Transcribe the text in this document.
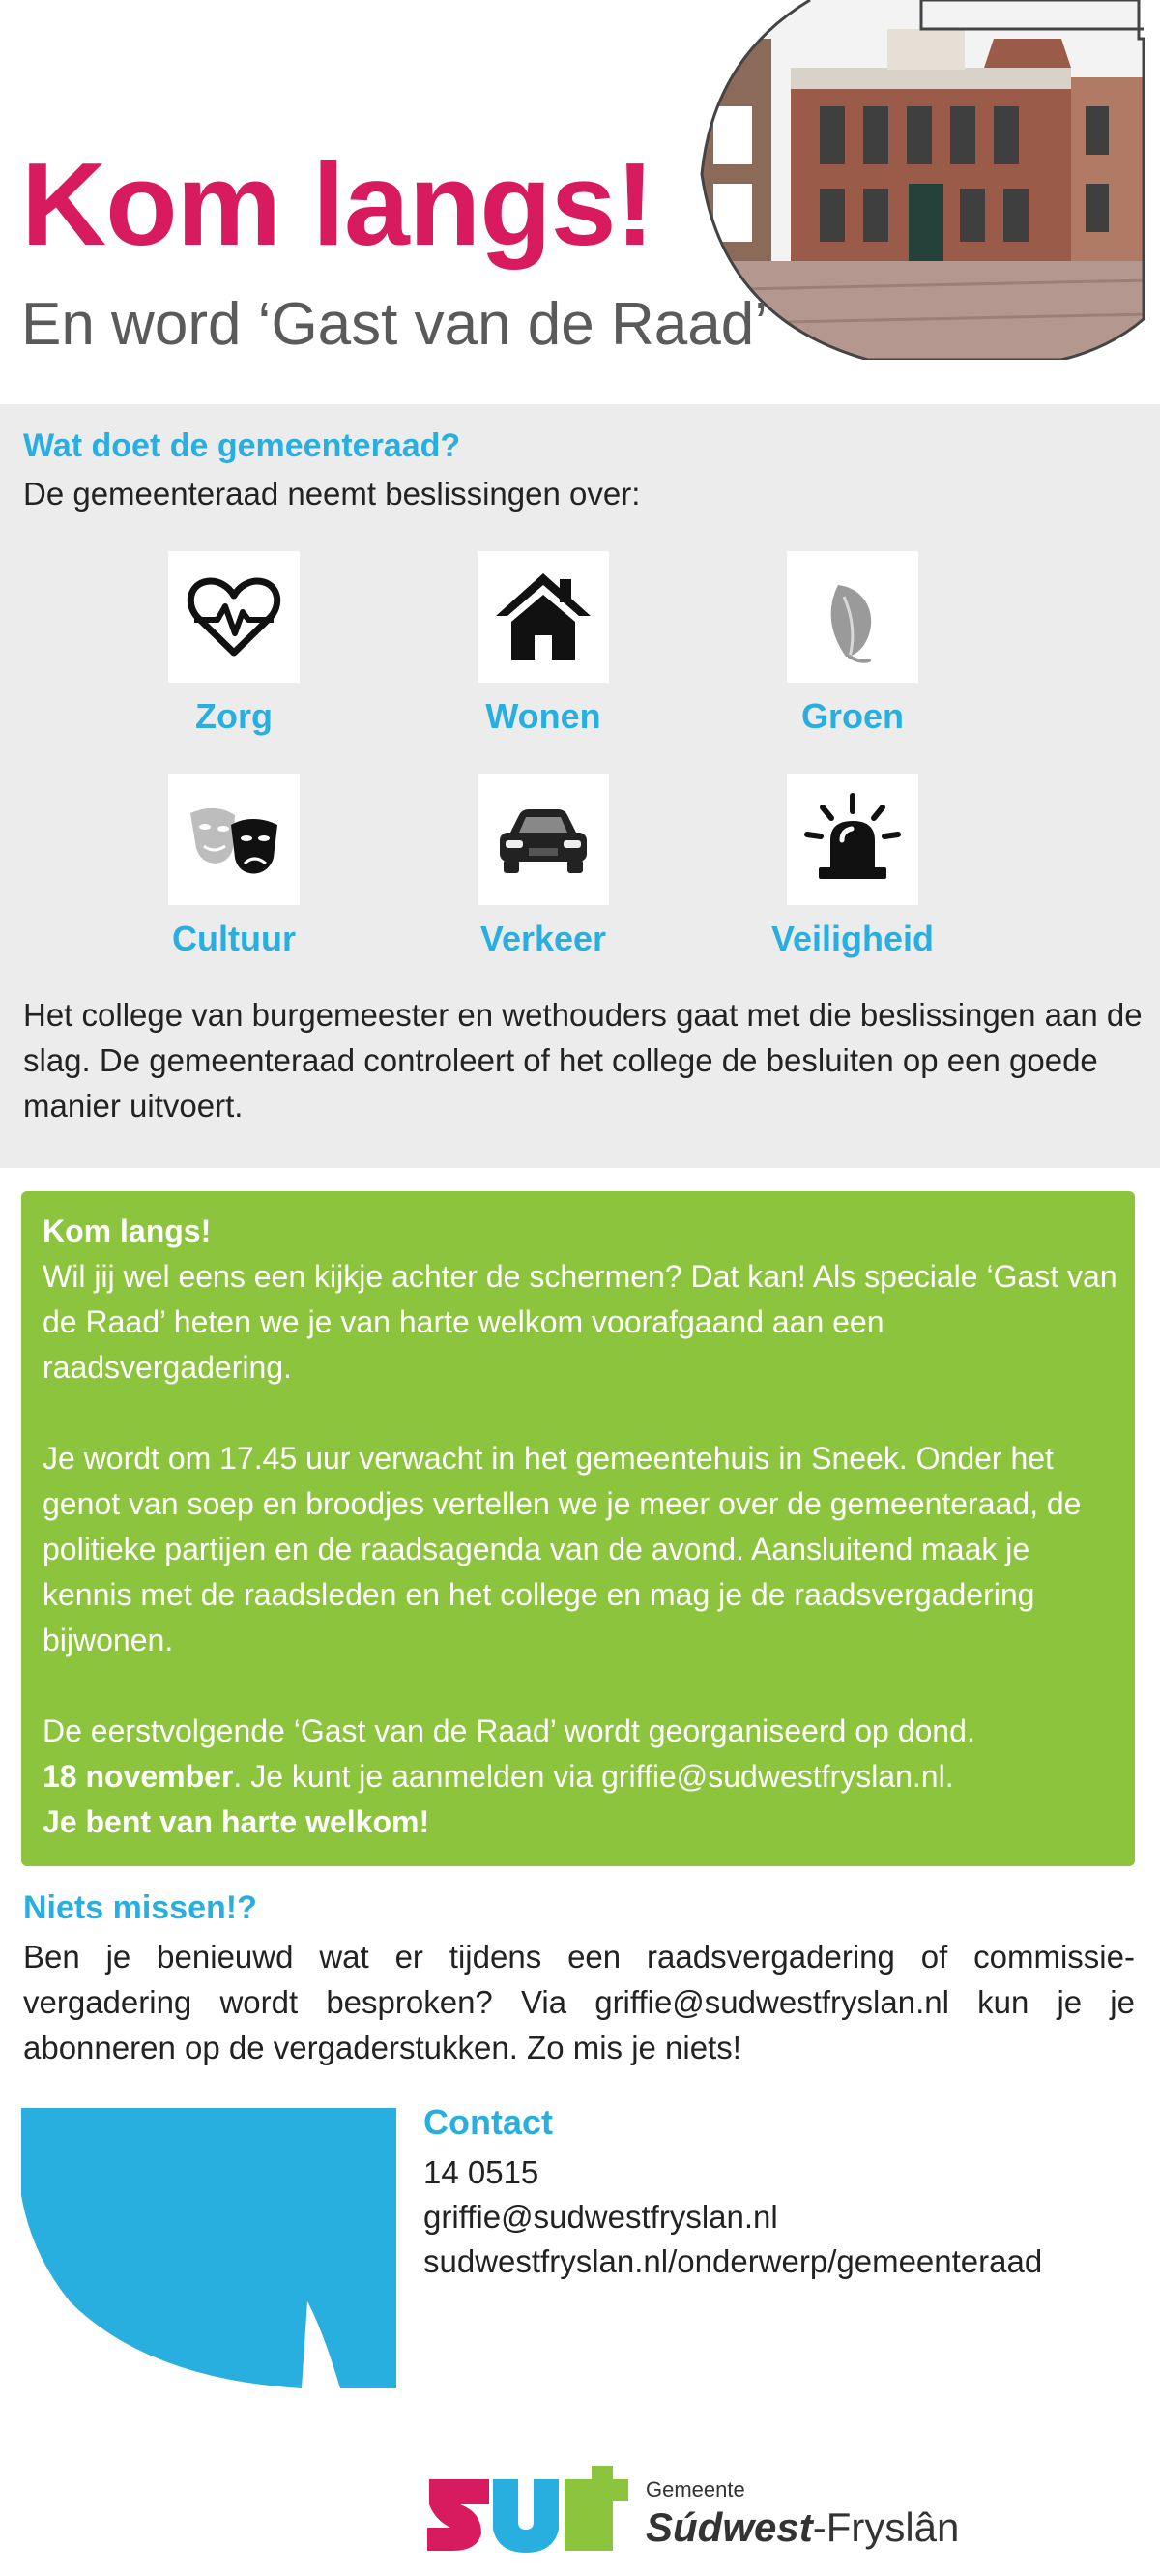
Kom langs!
En word ‘Gast van de Raad’
Wat doet de gemeenteraad?
De gemeenteraad neemt beslissingen over:
Zorg	Wonen	Groen
Cultuur	Verkeer	Veiligheid
Het college van burgemeester en wethouders gaat met die beslissingen aan de slag. De gemeenteraad controleert of het college de besluiten op een goede manier uitvoert.
Kom langs!

Wil jij wel eens een kijkje achter de schermen? Dat kan! Als speciale ‘Gast van de Raad’ heten we je van harte welkom voorafgaand aan een raadsvergadering.

Je wordt om 17.45 uur verwacht in het gemeentehuis in Sneek. Onder het genot van soep en broodjes vertellen we je meer over de gemeenteraad, de politieke partijen en de raadsagenda van de avond. Aansluitend maak je kennis met de raadsleden en het college en mag je de raadsvergadering bijwonen.

De eerstvolgende ‘Gast van de Raad’ wordt georganiseerd op dond.
18 november. Je kunt je aanmelden via griffie@sudwestfryslan.nl.

Je bent van harte welkom!
Niets missen!?
Ben je benieuwd wat er tijdens een raadsvergadering of commissie-vergadering wordt besproken? Via griffie@sudwestfryslan.nl kun je je abonneren op de vergaderstukken. Zo mis je niets!
Contact
14 0515
griffie@sudwestfryslan.nl
sudwestfryslan.nl/onderwerp/gemeenteraad
Gemeente
Súdwest-Fryslân
